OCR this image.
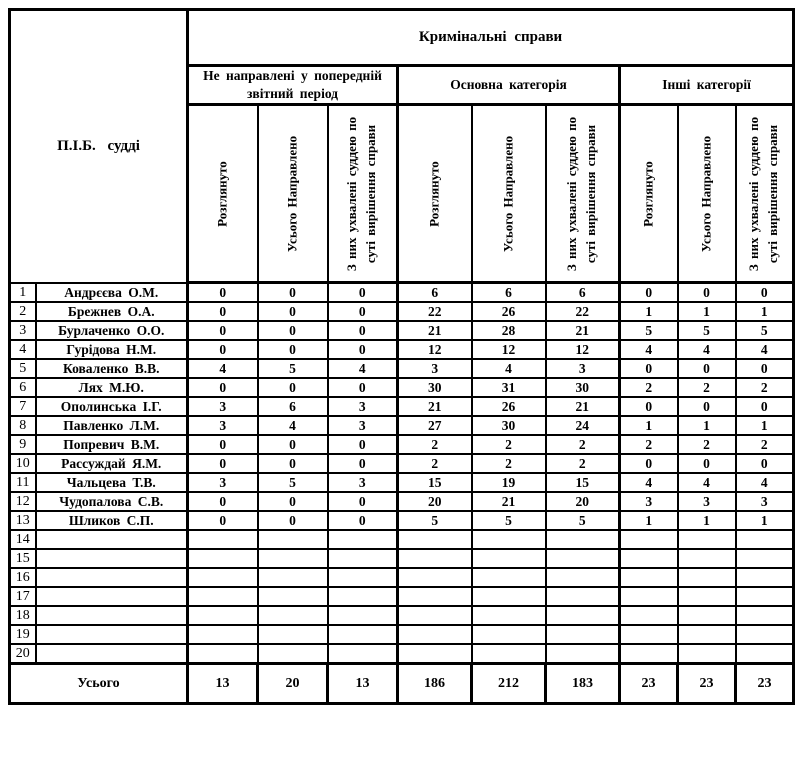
П.І.Б. судді		Кримінальні справи								
		Не направлені у попередній звітний період			Основна категорія			Інші категорії		

		Розглянуто	Усього Направлено	З них ухвалені суддею по суті вирішення справи	Розглянуто	Усього Направлено	З них ухвалені суддею по суті вирішення справи	Розглянуто	Усього Направлено	З них ухвалені суддею по суті вирішення справи

1	Андрєєва О.М.	0	0	0	6	6	6	0	0	0
2	Брежнев О.А.	0	0	0	22	26	22	1	1	1
3	Бурлаченко О.О.	0	0	0	21	28	21	5	5	5
4	Гурідова Н.М.	0	0	0	12	12	12	4	4	4
5	Коваленко В.В.	4	5	4	3	4	3	0	0	0
6	Лях М.Ю.	0	0	0	30	31	30	2	2	2
7	Ополинська І.Г.	3	6	3	21	26	21	0	0	0
8	Павленко Л.М.	3	4	3	27	30	24	1	1	1
9	Попревич В.М.	0	0	0	2	2	2	2	2	2
10	Рассуждай Я.М.	0	0	0	2	2	2	0	0	0
11	Чальцева Т.В.	3	5	3	15	19	15	4	4	4
12	Чудопалова С.В.	0	0	0	20	21	20	3	3	3
13	Шликов С.П.	0	0	0	5	5	5	1	1	1
14										
15										
16										
17										
18										
19										
20										
Усього		13	20	13	186	212	183	23	23	23
